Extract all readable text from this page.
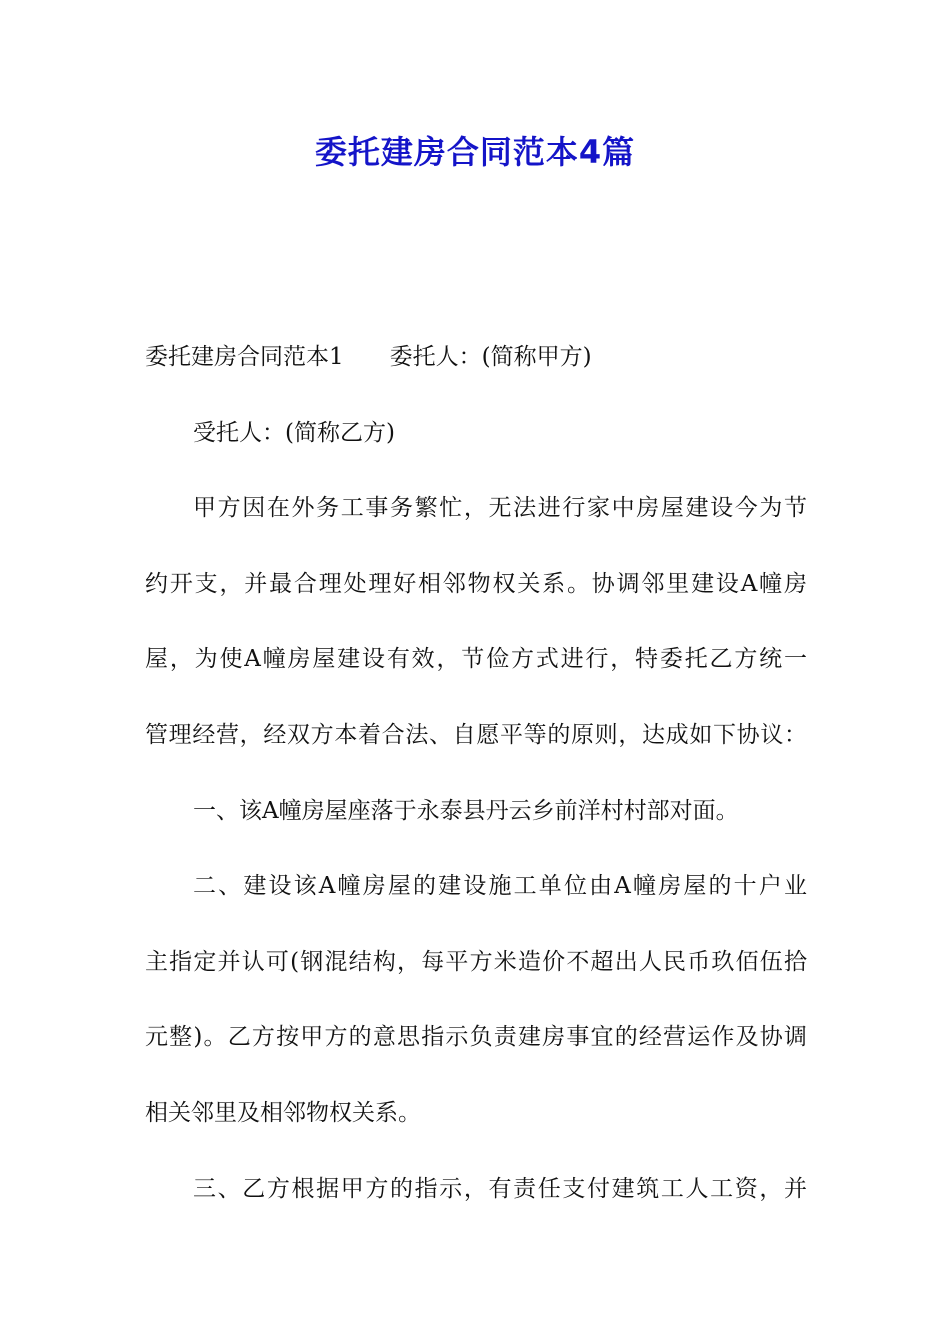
委托建房合同范本4篇
委托建房合同范本1 委托人：(简称甲方)
受托人：(简称乙方)
甲方因在外务工事务繁忙，无法进行家中房屋建设今为节
约开支，并最合理处理好相邻物权关系。协调邻里建设A幢房
屋，为使A幢房屋建设有效，节俭方式进行，特委托乙方统一
管理经营，经双方本着合法、自愿平等的原则，达成如下协议：
一、该A幢房屋座落于永泰县丹云乡前洋村村部对面。
二、建设该A幢房屋的建设施工单位由A幢房屋的十户业
主指定并认可(钢混结构，每平方米造价不超出人民币玖佰伍拾
元整)。乙方按甲方的意思指示负责建房事宜的经营运作及协调
相关邻里及相邻物权关系。
三、乙方根据甲方的指示，有责任支付建筑工人工资，并
